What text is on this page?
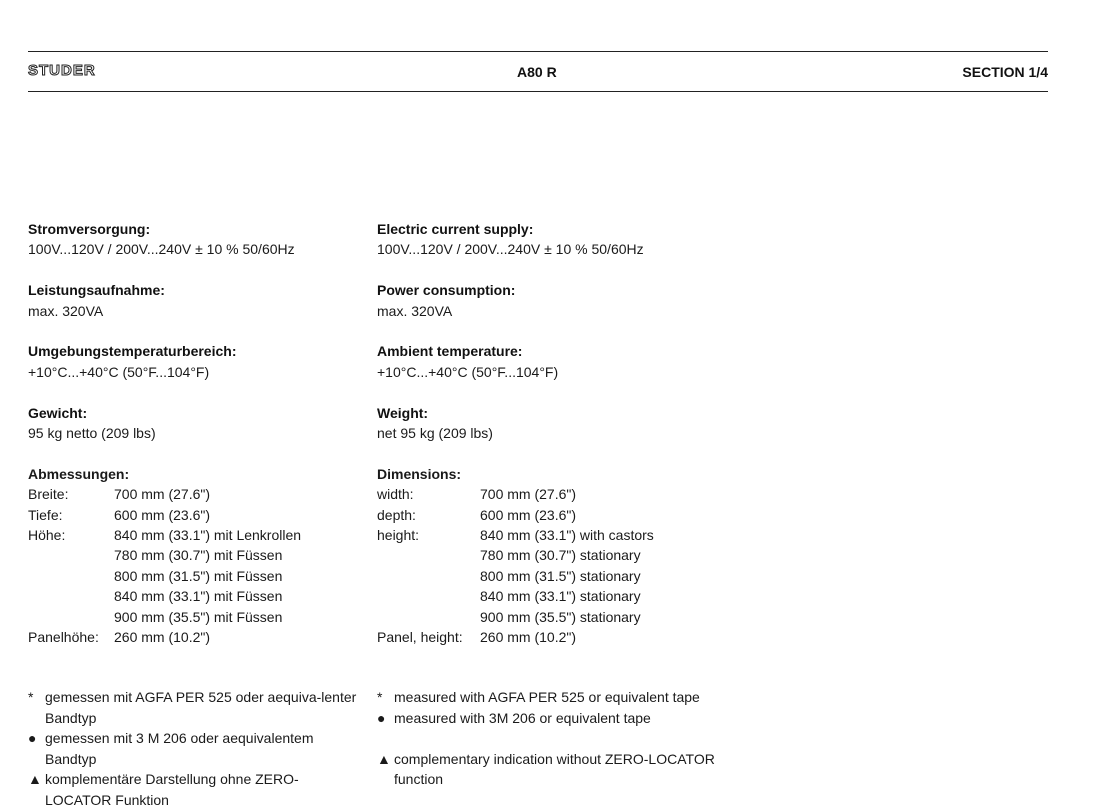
STUDER	A80 R	SECTION 1/4
Stromversorgung:
100V...120V / 200V...240V ± 10 % 50/60Hz
Leistungsaufnahme:
max. 320VA
Umgebungstemperaturbereich:
+10°C...+40°C (50°F...104°F)
Gewicht:
95 kg netto (209 lbs)
Abmessungen:
Breite:	700 mm (27.6")
Tiefe:	600 mm (23.6")
Höhe:	840 mm (33.1") mit Lenkrollen
780 mm (30.7") mit Füssen
800 mm (31.5") mit Füssen
840 mm (33.1") mit Füssen
900 mm (35.5") mit Füssen
Panelhöhe:	260 mm (10.2")
* gemessen mit AGFA PER 525 oder aequiva-lenter Bandtyp
● gemessen mit 3 M 206 oder aequivalentem Bandtyp
▲ komplementäre Darstellung ohne ZERO-LOCATOR Funktion
Electric current supply:
100V...120V / 200V...240V ± 10 % 50/60Hz
Power consumption:
max. 320VA
Ambient temperature:
+10°C...+40°C (50°F...104°F)
Weight:
net 95 kg (209 lbs)
Dimensions:
width:	700 mm (27.6")
depth:	600 mm (23.6")
height:	840 mm (33.1") with castors
780 mm (30.7") stationary
800 mm (31.5") stationary
840 mm (33.1") stationary
900 mm (35.5") stationary
Panel, height:	260 mm (10.2")
* measured with AGFA PER 525 or equivalent tape
● measured with 3M 206 or equivalent tape
▲ complementary indication without ZERO-LOCATOR function
